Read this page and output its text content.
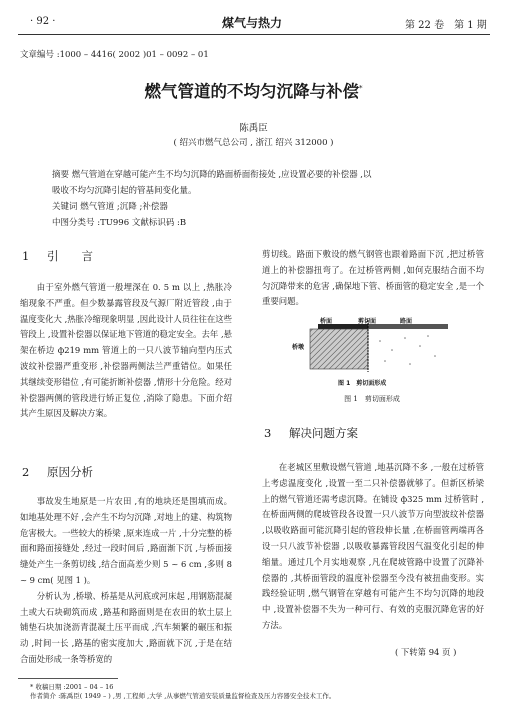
· 92 ·	煤气与热力	第 22 卷　第 1 期
文章编号 :1000 – 4416( 2002 )01 – 0092 – 01
燃气管道的不均匀沉降与补偿*
陈禹臣
( 绍兴市燃气总公司 , 浙江 绍兴 312000 )

摘要 燃气管道在穿越可能产生不均匀沉降的路面桥面衔接处 ,应设置必要的补偿器 ,以

吸收不均匀沉降引起的管基间变化量。

关键词 燃气管道 ;沉降 ;补偿器

中图分类号 :TU996 文献标识码 :B

1 引　　言

由于室外燃气管道一般埋深在 0. 5 m 以上 ,热胀冷缩现象不严重。但少数暴露管段及气源厂附近管段 ,由于温度变化大 ,热胀冷缩现象明显 ,因此设计人员往往在这些管段上 ,设置补偿器以保证地下管道的稳定安全。去年 ,悬架在桥边 ф219 mm 管道上的一只八波节轴向型内压式波纹补偿器严重变形 ,补偿器两侧法兰严重错位。如果任其继续变形错位 ,有可能折断补偿器 ,情形十分危险。经对补偿器两侧的管段进行矫正复位 ,消除了隐患。下面介绍其产生原因及解决方案。

2 原因分析

事故发生地原是一片农田 ,有的地块还是围填而成。如地基处理不好 ,会产生不均匀沉降 ,对地上的建、构筑物危害极大。一些较大的桥梁 ,原来连成一片 ,十分完整的桥面和路面接缝处 ,经过一段时间后 ,路面渐下沉 ,与桥面接缝处产生一条剪切线 ,结合面高差少则 5 ~ 6 cm ,多则 8 ~ 9 cm( 见图 1 )。

分析认为 ,桥墩、桥基是从河底或河床起 ,用钢筋混凝土或大石块砌筑而成 ,路基和路面则是在农田的软土层上铺垫石块加浇沥青混凝土压平而成 ,汽车频繁的碾压和振动 ,时间一长 ,路基的密实度加大 ,路面就下沉 ,于是在结合面处形成一条等桥宽的

剪切线。路面下敷设的燃气钢管也跟着路面下沉 ,把过桥管道上的补偿器扭弯了。在过桥管两侧 ,如何克服结合面不均匀沉降带来的危害 ,确保地下管、桥面管的稳定安全 ,是一个重要问题。

桥面	剪切面	路面
桥墩
图 1　剪切面形成
图 1　剪切面形成
3 解决问题方案

在老城区里敷设燃气管道 ,地基沉降不多 ,一般在过桥管上考虑温度变化 ,设置一至二只补偿器就够了。但新区桥梁上的燃气管道还需考虑沉降。在铺设 ф325 mm 过桥管时 ,在桥面两侧的爬坡管段各设置一只八波节万向型波纹补偿器 ,以吸收路面可能沉降引起的管段伸长量 ,在桥面管两端再各设一只八波节补偿器 ,以吸收暴露管段因气温变化引起的伸缩量。通过几个月实地观察 ,凡在爬坡管路中设置了沉降补偿器的 ,其桥面管段的温度补偿器至今没有被扭曲变形。实践经验证明 ,燃气钢管在穿越有可能产生不均匀沉降的地段中 ,设置补偿器不失为一种可行、有效的克服沉降危害的好方法。

( 下转第 94 页 )
* 收稿日期 :2001 – 04 – 16
作者简介 :陈禹臣( 1949 – ) ,男 ,工程师 ,大学 ,从事燃气管道安装质量监督检查及压力容器安全技术工作。
